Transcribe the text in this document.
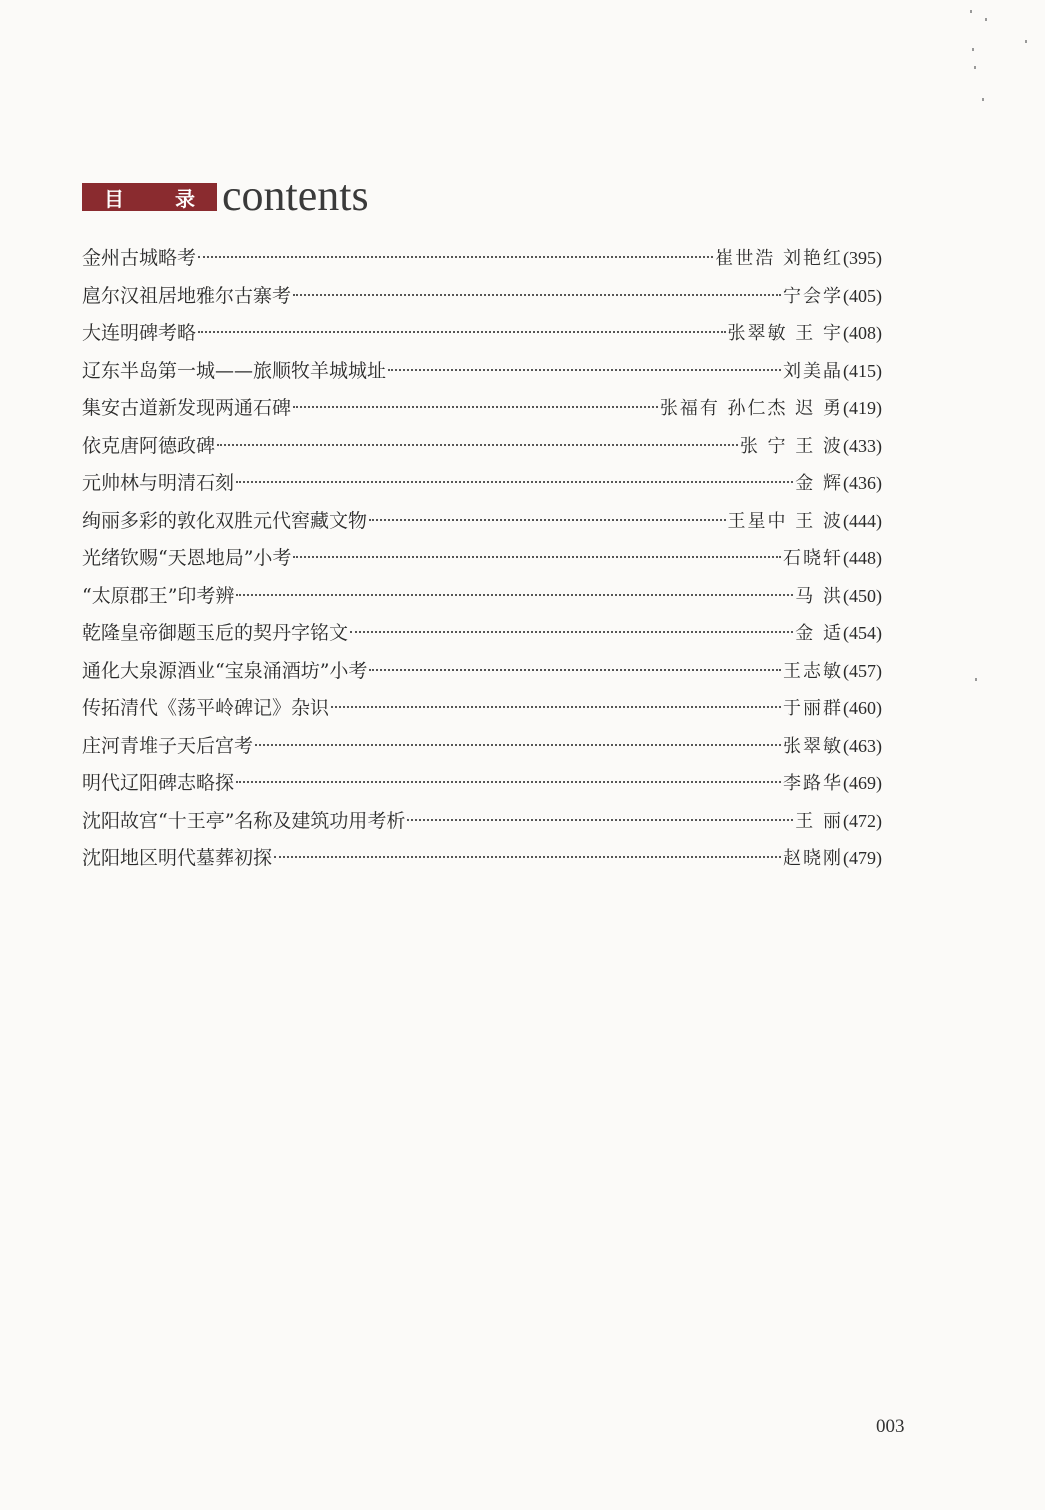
目 录 contents
金州古城略考	崔世浩 刘艳红 (395)
扈尔汉祖居地雅尔古寨考	宁会学 (405)
大连明碑考略	张翠敏 王 宇 (408)
辽东半岛第一城——旅顺牧羊城城址	刘美晶 (415)
集安古道新发现两通石碑	张福有 孙仁杰 迟 勇 (419)
依克唐阿德政碑	张 宁 王 波 (433)
元帅林与明清石刻	金 辉 (436)
绚丽多彩的敦化双胜元代窖藏文物	王星中 王 波 (444)
光绪钦赐“天恩地局”小考	石晓轩 (448)
“太原郡王”印考辨	马 洪 (450)
乾隆皇帝御题玉卮的契丹字铭文	金 适 (454)
通化大泉源酒业“宝泉涌酒坊”小考	王志敏 (457)
传拓清代《荡平岭碑记》杂识	于丽群 (460)
庄河青堆子天后宫考	张翠敏 (463)
明代辽阳碑志略探	李路华 (469)
沈阳故宫“十王亭”名称及建筑功用考析	王 丽 (472)
沈阳地区明代墓葬初探	赵晓刚 (479)
003
